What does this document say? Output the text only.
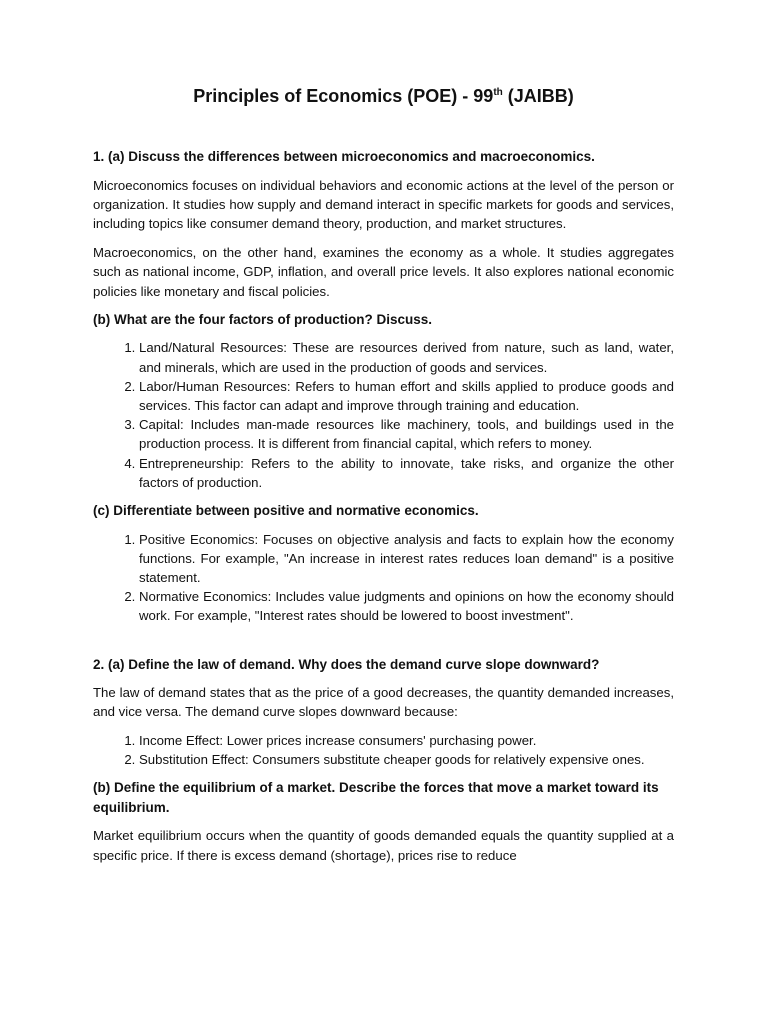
Principles of Economics (POE) - 99th (JAIBB)
1. (a) Discuss the differences between microeconomics and macroeconomics.

Microeconomics focuses on individual behaviors and economic actions at the level of the person or organization. It studies how supply and demand interact in specific markets for goods and services, including topics like consumer demand theory, production, and market structures.

Macroeconomics, on the other hand, examines the economy as a whole. It studies aggregates such as national income, GDP, inflation, and overall price levels. It also explores national economic policies like monetary and fiscal policies.

(b) What are the four factors of production? Discuss.
1. Land/Natural Resources: These are resources derived from nature, such as land, water, and minerals, which are used in the production of goods and services.
2. Labor/Human Resources: Refers to human effort and skills applied to produce goods and services. This factor can adapt and improve through training and education.
3. Capital: Includes man-made resources like machinery, tools, and buildings used in the production process. It is different from financial capital, which refers to money.
4. Entrepreneurship: Refers to the ability to innovate, take risks, and organize the other factors of production.
(c) Differentiate between positive and normative economics.
1. Positive Economics: Focuses on objective analysis and facts to explain how the economy functions. For example, "An increase in interest rates reduces loan demand" is a positive statement.
2. Normative Economics: Includes value judgments and opinions on how the economy should work. For example, "Interest rates should be lowered to boost investment".
2. (a) Define the law of demand. Why does the demand curve slope downward?

The law of demand states that as the price of a good decreases, the quantity demanded increases, and vice versa. The demand curve slopes downward because:

1. Income Effect: Lower prices increase consumers' purchasing power.
2. Substitution Effect: Consumers substitute cheaper goods for relatively expensive ones.
(b) Define the equilibrium of a market. Describe the forces that move a market toward its equilibrium.

Market equilibrium occurs when the quantity of goods demanded equals the quantity supplied at a specific price. If there is excess demand (shortage), prices rise to reduce
